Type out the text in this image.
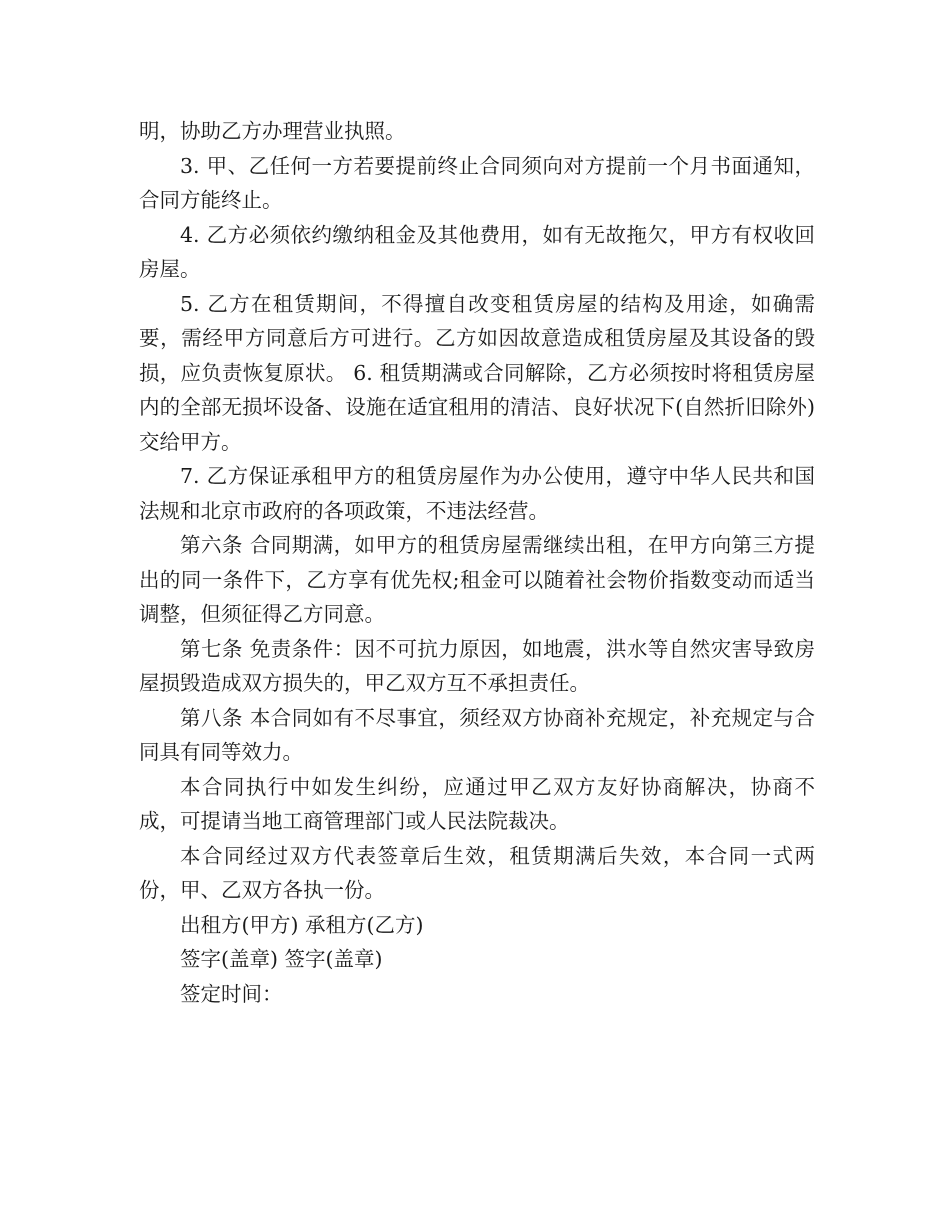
明，协助乙方办理营业执照。

3. 甲、乙任何一方若要提前终止合同须向对方提前一个月书面通知，合同方能终止。

4. 乙方必须依约缴纳租金及其他费用，如有无故拖欠，甲方有权收回房屋。

5. 乙方在租赁期间，不得擅自改变租赁房屋的结构及用途，如确需要，需经甲方同意后方可进行。乙方如因故意造成租赁房屋及其设备的毁损，应负责恢复原状。 6. 租赁期满或合同解除，乙方必须按时将租赁房屋内的全部无损坏设备、设施在适宜租用的清洁、良好状况下(自然折旧除外)交给甲方。

7. 乙方保证承租甲方的租赁房屋作为办公使用，遵守中华人民共和国法规和北京市政府的各项政策，不违法经营。

第六条 合同期满，如甲方的租赁房屋需继续出租，在甲方向第三方提出的同一条件下，乙方享有优先权;租金可以随着社会物价指数变动而适当调整，但须征得乙方同意。

第七条 免责条件：因不可抗力原因，如地震，洪水等自然灾害导致房屋损毁造成双方损失的，甲乙双方互不承担责任。

第八条 本合同如有不尽事宜，须经双方协商补充规定，补充规定与合同具有同等效力。

本合同执行中如发生纠纷，应通过甲乙双方友好协商解决，协商不成，可提请当地工商管理部门或人民法院裁决。

本合同经过双方代表签章后生效，租赁期满后失效，本合同一式两份，甲、乙双方各执一份。

出租方(甲方) 承租方(乙方)

签字(盖章) 签字(盖章)

签定时间：
